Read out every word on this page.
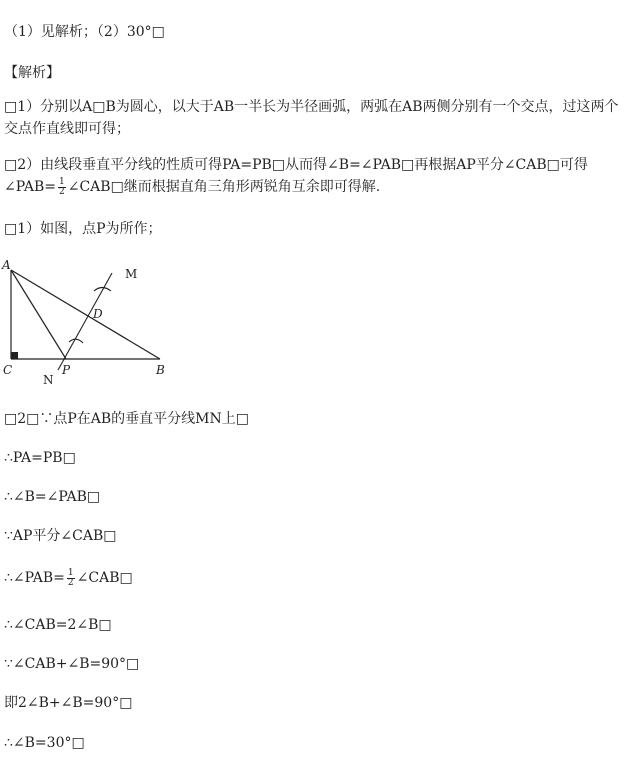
（1）见解析；（2）30°□
【解析】
□1）分别以A□B为圆心，以大于AB一半长为半径画弧，两弧在AB两侧分别有一个交点，过这两个交点作直线即可得；
□2）由线段垂直平分线的性质可得PA=PB□从而得∠B=∠PAB□再根据AP平分∠CAB□可得∠PAB= $\frac{1}{2}$ ∠CAB□继而根据直角三角形两锐角互余即可得解.
□1）如图，点P为所作；
A
C	P	B
D
M
N
□2□∵点P在AB的垂直平分线MN上□
∴PA=PB□
∴∠B=∠PAB□
∵AP平分∠CAB□
∴∠PAB= $\frac{1}{2}$ ∠CAB□
∴∠CAB=2∠B□
∵∠CAB+∠B=90°□
即2∠B+∠B=90°□
∴∠B=30°□
